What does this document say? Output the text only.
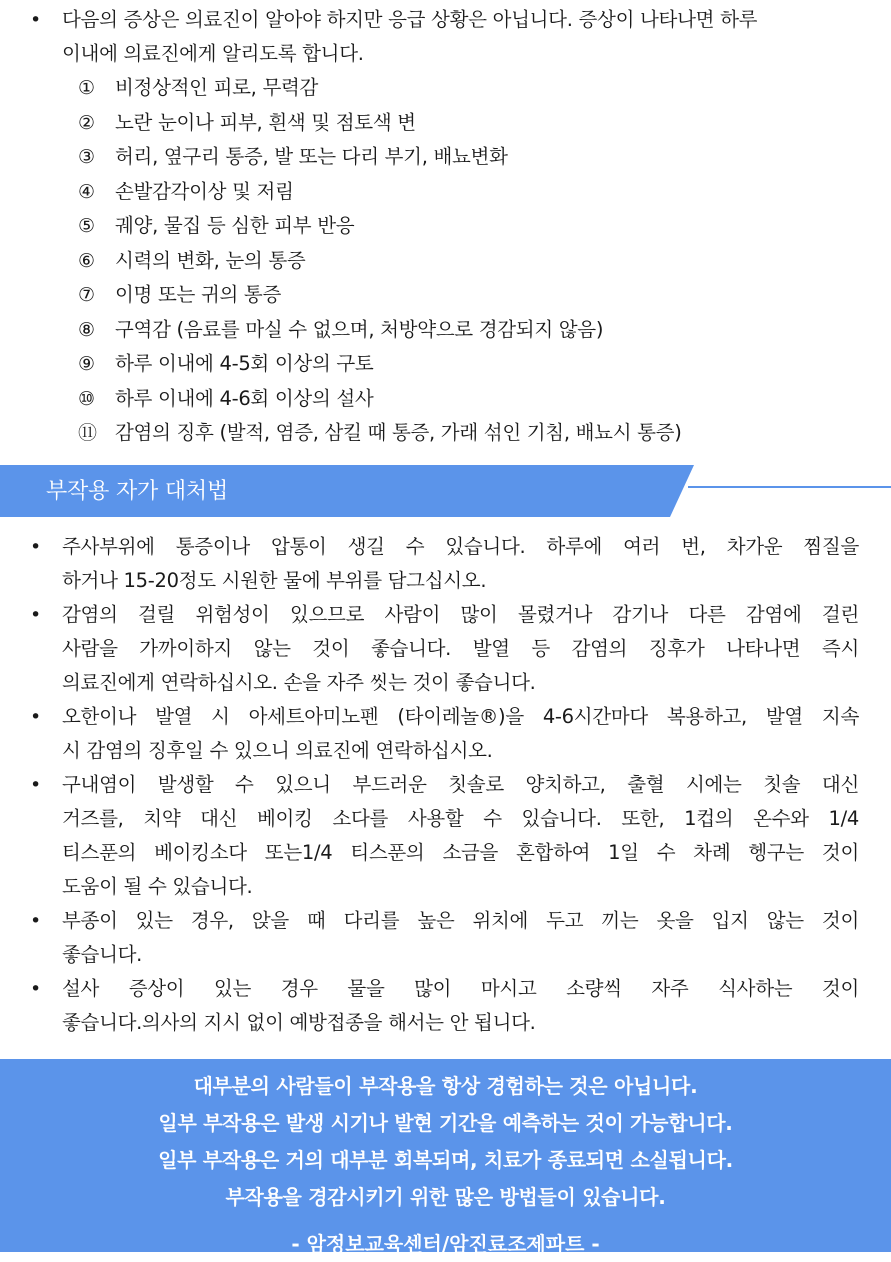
• 다음의 증상은 의료진이 알아야 하지만 응급 상황은 아닙니다. 증상이 나타나면 하루
이내에 의료진에게 알리도록 합니다.
① 비정상적인 피로, 무력감
② 노란 눈이나 피부, 흰색 및 점토색 변
③ 허리, 옆구리 통증, 발 또는 다리 부기, 배뇨변화
④ 손발감각이상 및 저림
⑤ 궤양, 물집 등 심한 피부 반응
⑥ 시력의 변화, 눈의 통증
⑦ 이명 또는 귀의 통증
⑧ 구역감 (음료를 마실 수 없으며, 처방약으로 경감되지 않음)
⑨ 하루 이내에 4-5회 이상의 구토
⑩ 하루 이내에 4-6회 이상의 설사
⑪ 감염의 징후 (발적, 염증, 삼킬 때 통증, 가래 섞인 기침, 배뇨시 통증)
부작용 자가 대처법
• 주사부위에 통증이나 압통이 생길 수 있습니다. 하루에 여러 번, 차가운 찜질을
하거나 15-20정도 시원한 물에 부위를 담그십시오.
• 감염의 걸릴 위험성이 있으므로 사람이 많이 몰렸거나 감기나 다른 감염에 걸린
사람을 가까이하지 않는 것이 좋습니다. 발열 등 감염의 징후가 나타나면 즉시
의료진에게 연락하십시오. 손을 자주 씻는 것이 좋습니다.
• 오한이나 발열 시 아세트아미노펜 (타이레놀®)을 4-6시간마다 복용하고, 발열 지속
시 감염의 징후일 수 있으니 의료진에 연락하십시오.
• 구내염이 발생할 수 있으니 부드러운 칫솔로 양치하고, 출혈 시에는 칫솔 대신
거즈를, 치약 대신 베이킹 소다를 사용할 수 있습니다. 또한, 1컵의 온수와 1/4
티스푼의 베이킹소다 또는1/4 티스푼의 소금을 혼합하여 1일 수 차례 헹구는 것이
도움이 될 수 있습니다.
• 부종이 있는 경우, 앉을 때 다리를 높은 위치에 두고 끼는 옷을 입지 않는 것이
좋습니다.
• 설사 증상이 있는 경우 물을 많이 마시고 소량씩 자주 식사하는 것이
좋습니다.의사의 지시 없이 예방접종을 해서는 안 됩니다.
대부분의 사람들이 부작용을 항상 경험하는 것은 아닙니다.
일부 부작용은 발생 시기나 발현 기간을 예측하는 것이 가능합니다.
일부 부작용은 거의 대부분 회복되며, 치료가 종료되면 소실됩니다.
부작용을 경감시키기 위한 많은 방법들이 있습니다.
- 암정보교육센터/암진료조제파트 -
